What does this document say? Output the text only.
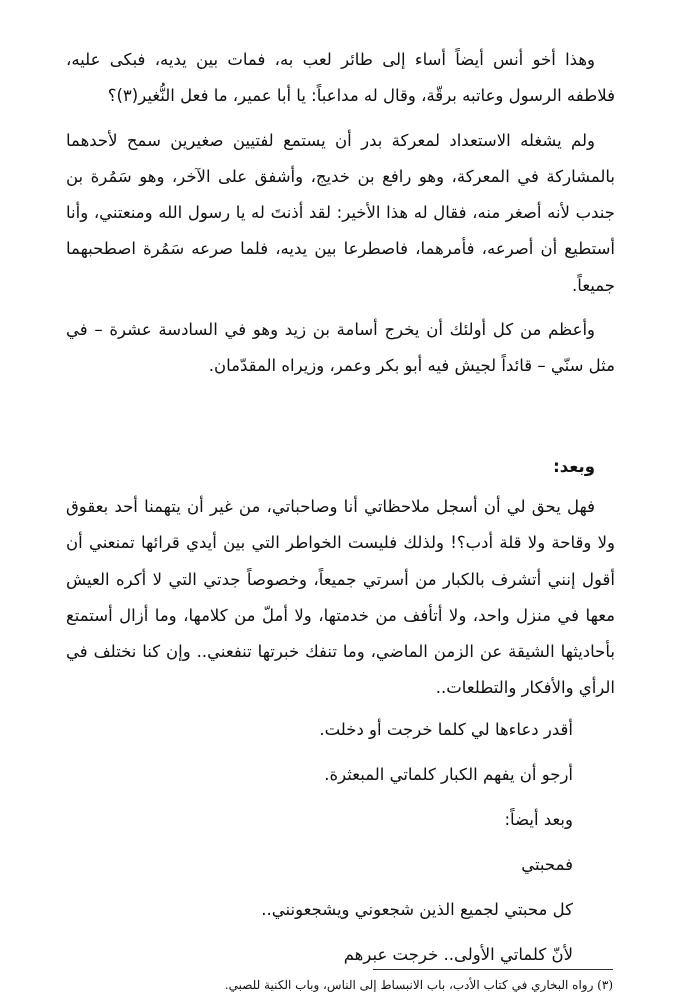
وهذا أخو أنس أيضاً أساء إلى طائر لعب به، فمات بين يديه، فبكى عليه، فلاطفه الرسول وعاتبه برقّة، وقال له مداعباً: يا أبا عمير، ما فعل النُّغير(٣)؟

ولم يشغله الاستعداد لمعركة بدر أن يستمع لفتيين صغيرين سمح لأحدهما بالمشاركة في المعركة، وهو رافع بن خديج، وأشفق على الآخر، وهو سَمُرة بن جندب لأنه أصغر منه، فقال له هذا الأخير: لقد أذنتَ له يا رسول الله ومنعتني، وأنا أستطيع أن أصرعه، فأمرهما، فاصطرعا بين يديه، فلما صرعه سَمُرة اصطحبهما جميعاً.

وأعظم من كل أولئك أن يخرج أسامة بن زيد وهو في السادسة عشرة – في مثل سنّي – قائداً لجيش فيه أبو بكر وعمر، وزيراه المقدّمان.

وبعد:

فهل يحق لي أن أسجل ملاحظاتي أنا وصاحباتي، من غير أن يتهمنا أحد بعقوق ولا وقاحة ولا قلة أدب؟! ولذلك فليست الخواطر التي بين أيدي قرائها تمنعني أن أقول إنني أتشرف بالكبار من أسرتي جميعاً، وخصوصاً جدتي التي لا أكره العيش معها في منزل واحد، ولا أتأفف من خدمتها، ولا أملّ من كلامها، وما أزال أستمتع بأحاديثها الشيقة عن الزمن الماضي، وما تنفك خبرتها تنفعني.. وإن كنا نختلف في الرأي والأفكار والتطلعات..

أقدر دعاءها لي كلما خرجت أو دخلت.

أرجو أن يفهم الكبار كلماتي المبعثرة.

وبعد أيضاً:

فمحبتي

كل محبتي لجميع الذين شجعوني ويشجعونني..

لأنّ كلماتي الأولى.. خرجت عبرهم

(٣) رواه البخاري في كتاب الأدب، باب الانبساط إلى الناس، وباب الكنية للصبي.
